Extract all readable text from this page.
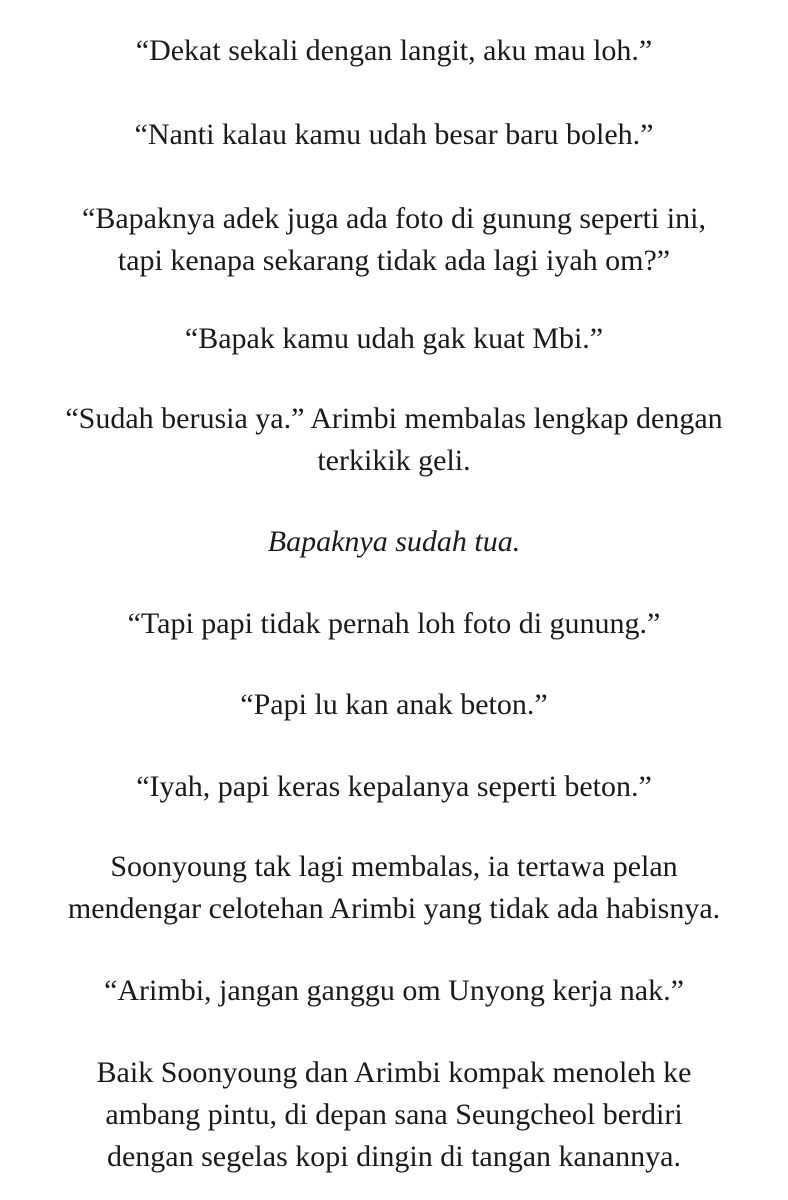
“Dekat sekali dengan langit, aku mau loh.”

“Nanti kalau kamu udah besar baru boleh.”

“Bapaknya adek juga ada foto di gunung seperti ini,
tapi kenapa sekarang tidak ada lagi iyah om?”

“Bapak kamu udah gak kuat Mbi.”

“Sudah berusia ya.” Arimbi membalas lengkap dengan
terkikik geli.

Bapaknya sudah tua.

“Tapi papi tidak pernah loh foto di gunung.”

“Papi lu kan anak beton.”

“Iyah, papi keras kepalanya seperti beton.”

Soonyoung tak lagi membalas, ia tertawa pelan
mendengar celotehan Arimbi yang tidak ada habisnya.

“Arimbi, jangan ganggu om Unyong kerja nak.”

Baik Soonyoung dan Arimbi kompak menoleh ke
ambang pintu, di depan sana Seungcheol berdiri
dengan segelas kopi dingin di tangan kanannya.
